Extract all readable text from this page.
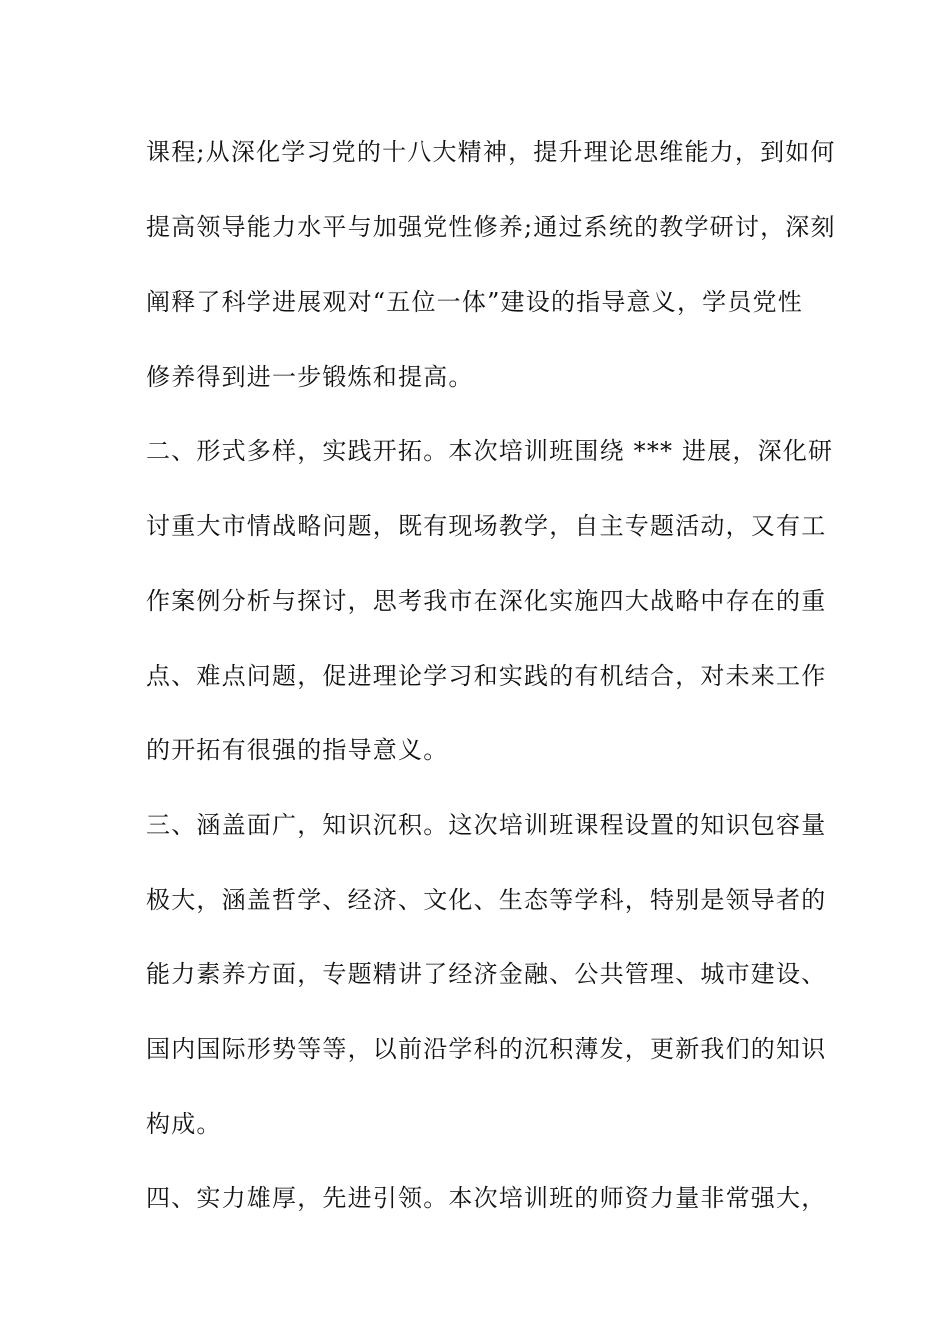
课程;从深化学习党的十八大精神，提升理论思维能力，到如何
提高领导能力水平与加强党性修养;通过系统的教学研讨，深刻
阐释了科学进展观对“五位一体”建设的指导意义，学员党性
修养得到进一步锻炼和提高。
二、形式多样，实践开拓。本次培训班围绕 *** 进展，深化研
讨重大市情战略问题，既有现场教学，自主专题活动，又有工
作案例分析与探讨，思考我市在深化实施四大战略中存在的重
点、难点问题，促进理论学习和实践的有机结合，对未来工作
的开拓有很强的指导意义。
三、涵盖面广，知识沉积。这次培训班课程设置的知识包容量
极大，涵盖哲学、经济、文化、生态等学科，特别是领导者的
能力素养方面，专题精讲了经济金融、公共管理、城市建设、
国内国际形势等等，以前沿学科的沉积薄发，更新我们的知识
构成。
四、实力雄厚，先进引领。本次培训班的师资力量非常强大，
